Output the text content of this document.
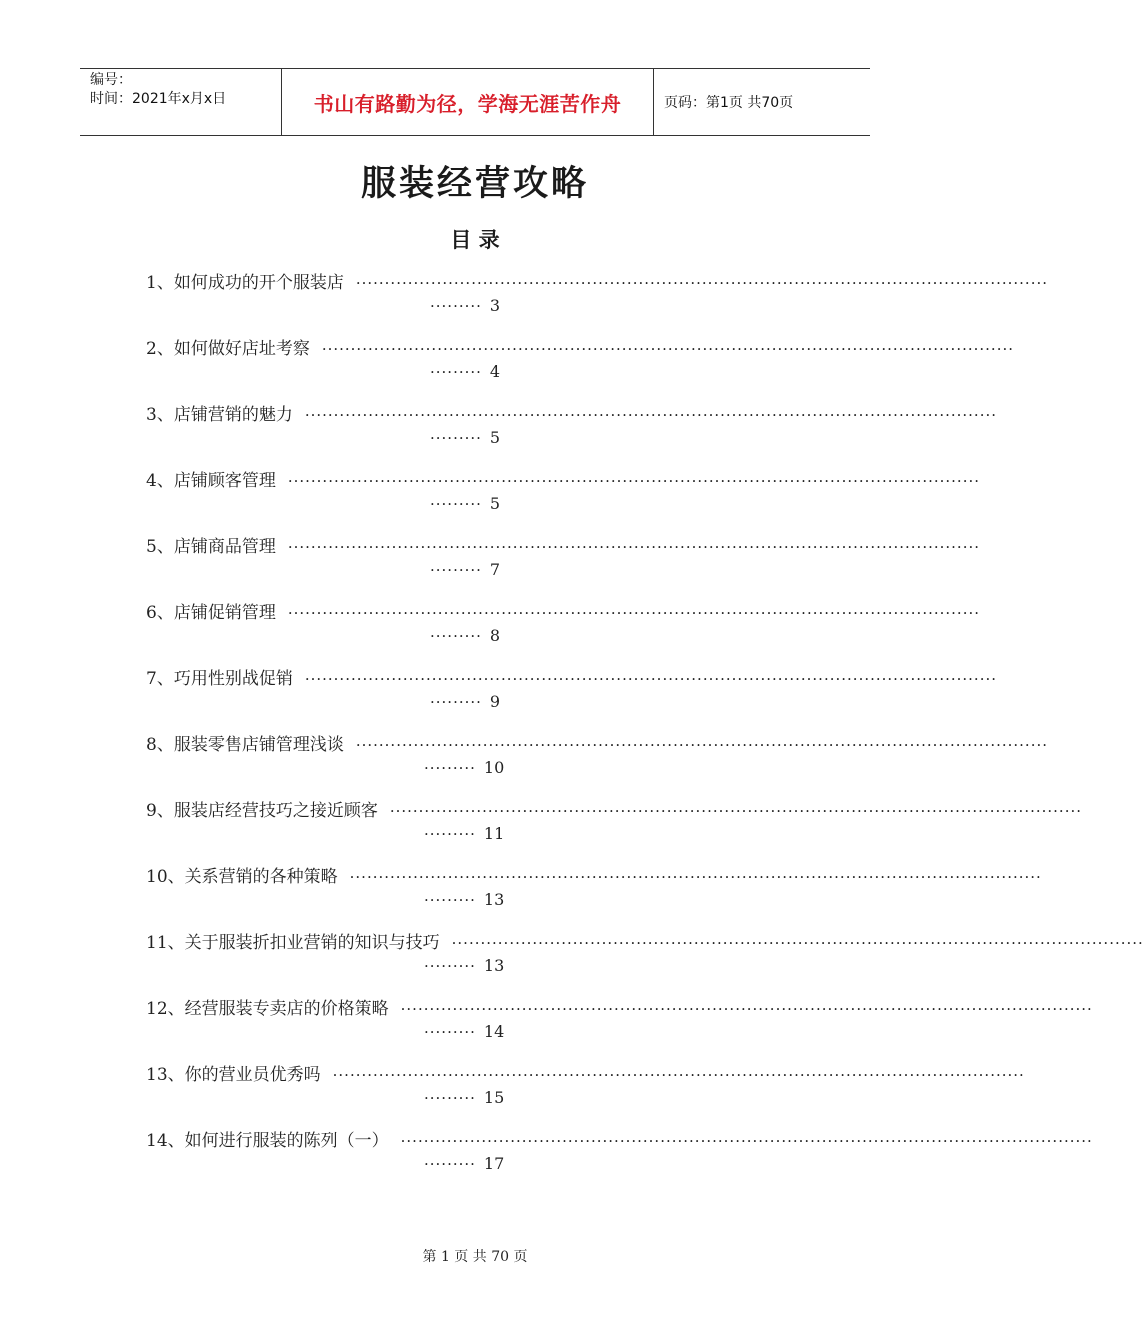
编号：
时间：2021年x月x日	书山有路勤为径，学海无涯苦作舟	页码：第1页 共70页
服装经营攻略
目 录
1、 如何成功的开个服装店 ························································································································
········· 3
2、 如何做好店址考察 ························································································································
········· 4
3、 店铺营销的魅力 ························································································································
········· 5
4、 店铺顾客管理 ························································································································
········· 5
5、 店铺商品管理 ························································································································
········· 7
6、 店铺促销管理 ························································································································
········· 8
7、 巧用性别战促销 ························································································································
········· 9
8、 服装零售店铺管理浅谈 ························································································································
········· 10
9、 服装店经营技巧之接近顾客 ························································································································
········· 11
10、 关系营销的各种策略 ························································································································
········· 13
11、 关于服装折扣业营销的知识与技巧 ························································································································
········· 13
12、 经营服装专卖店的价格策略 ························································································································
········· 14
13、 你的营业员优秀吗 ························································································································
········· 15
14、 如何进行服装的陈列（一） ························································································································
········· 17
第 1 页 共 70 页
